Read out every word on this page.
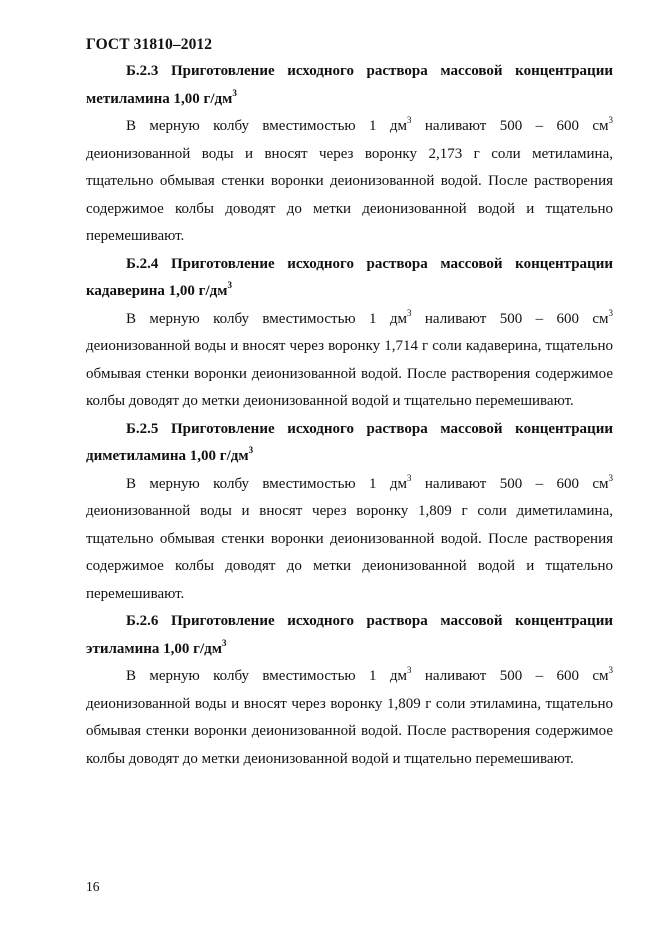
ГОСТ 31810–2012

Б.2.3 Приготовление исходного раствора массовой концентрации метиламина 1,00 $г/дм^3$

В мерную колбу вместимостью 1 $дм^3$ наливают 500 – 600 $см^3$ деионизованной воды и вносят через воронку 2,173 г соли метиламина, тщательно обмывая стенки воронки деионизованной водой. После растворения содержимое колбы доводят до метки деионизованной водой и тщательно перемешивают.

Б.2.4 Приготовление исходного раствора массовой концентрации кадаверина 1,00 $г/дм^3$

В мерную колбу вместимостью 1 $дм^3$ наливают 500 – 600 $см^3$ деионизованной воды и вносят через воронку 1,714 г соли кадаверина, тщательно обмывая стенки воронки деионизованной водой. После растворения содержимое колбы доводят до метки деионизованной водой и тщательно перемешивают.

Б.2.5 Приготовление исходного раствора массовой концентрации диметиламина 1,00 $г/дм^3$

В мерную колбу вместимостью 1 $дм^3$ наливают 500 – 600 $см^3$ деионизованной воды и вносят через воронку 1,809 г соли диметиламина, тщательно обмывая стенки воронки деионизованной водой. После растворения содержимое колбы доводят до метки деионизованной водой и тщательно перемешивают.

Б.2.6 Приготовление исходного раствора массовой концентрации этиламина 1,00 $г/дм^3$

В мерную колбу вместимостью 1 $дм^3$ наливают 500 – 600 $см^3$ деионизованной воды и вносят через воронку 1,809 г соли этиламина, тщательно обмывая стенки воронки деионизованной водой. После растворения содержимое колбы доводят до метки деионизованной водой и тщательно перемешивают.

16
